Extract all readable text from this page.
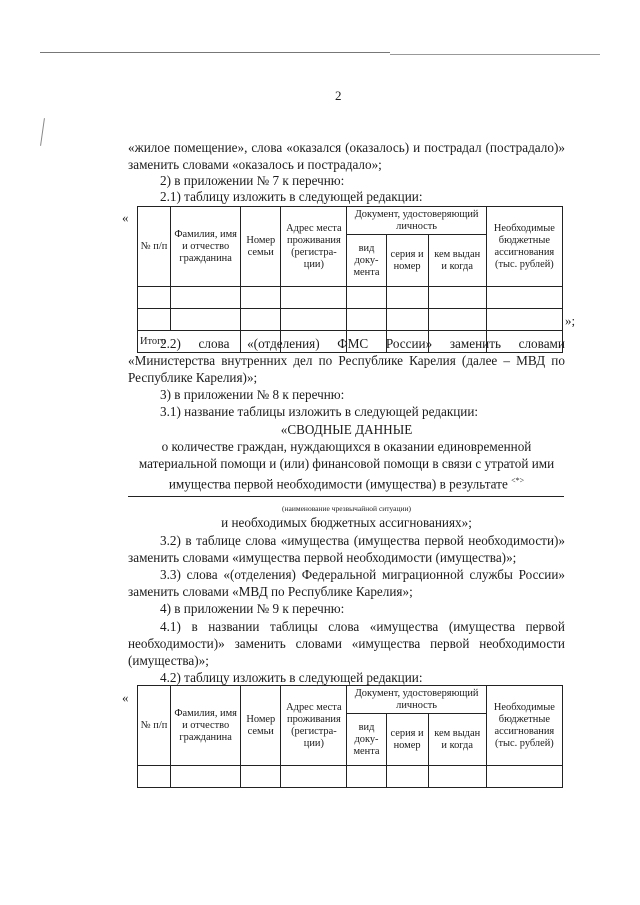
2
«жилое помещение», слова «оказался (оказалось) и пострадал (пострадало)»
заменить словами «оказалось и пострадало»;
2) в приложении № 7 к перечню:
2.1) таблицу изложить в следующей редакции:
«
№ п/п	Фамилия, имя и отчество гражданина	Номер семьи	Адрес места проживания (регистра-ции)	Документ, удостоверяющий личность			Необходимые бюджетные ассигнования (тыс. рублей)
				вид доку-мента	серия и номер	кем выдан и когда	

Итого							
»;
2.2) слова «(отделения) ФМС России» заменить словами
«Министерства внутренних дел по Республике Карелия (далее – МВД по
Республике Карелия)»;
3) в приложении № 8 к перечню:
3.1) название таблицы изложить в следующей редакции:
«СВОДНЫЕ ДАННЫЕ
о количестве граждан, нуждающихся в оказании единовременной
материальной помощи и (или) финансовой помощи в связи с утратой ими
имущества первой необходимости (имущества) в результате <*>
(наименование чрезвычайной ситуации)
и необходимых бюджетных ассигнованиях»;
3.2) в таблице слова «имущества (имущества первой необходимости)»
заменить словами «имущества первой необходимости (имущества)»;
3.3) слова «(отделения) Федеральной миграционной службы России»
заменить словами «МВД по Республике Карелия»;
4) в приложении № 9 к перечню:
4.1) в названии таблицы слова «имущества (имущества первой
необходимости)» заменить словами «имущества первой необходимости
(имущества)»;
4.2) таблицу изложить в следующей редакции:
«
№ п/п	Фамилия, имя и отчество гражданина	Номер семьи	Адрес места проживания (регистра-ции)	Документ, удостоверяющий личность			Необходимые бюджетные ассигнования (тыс. рублей)
				вид доку-мента	серия и номер	кем выдан и когда	
